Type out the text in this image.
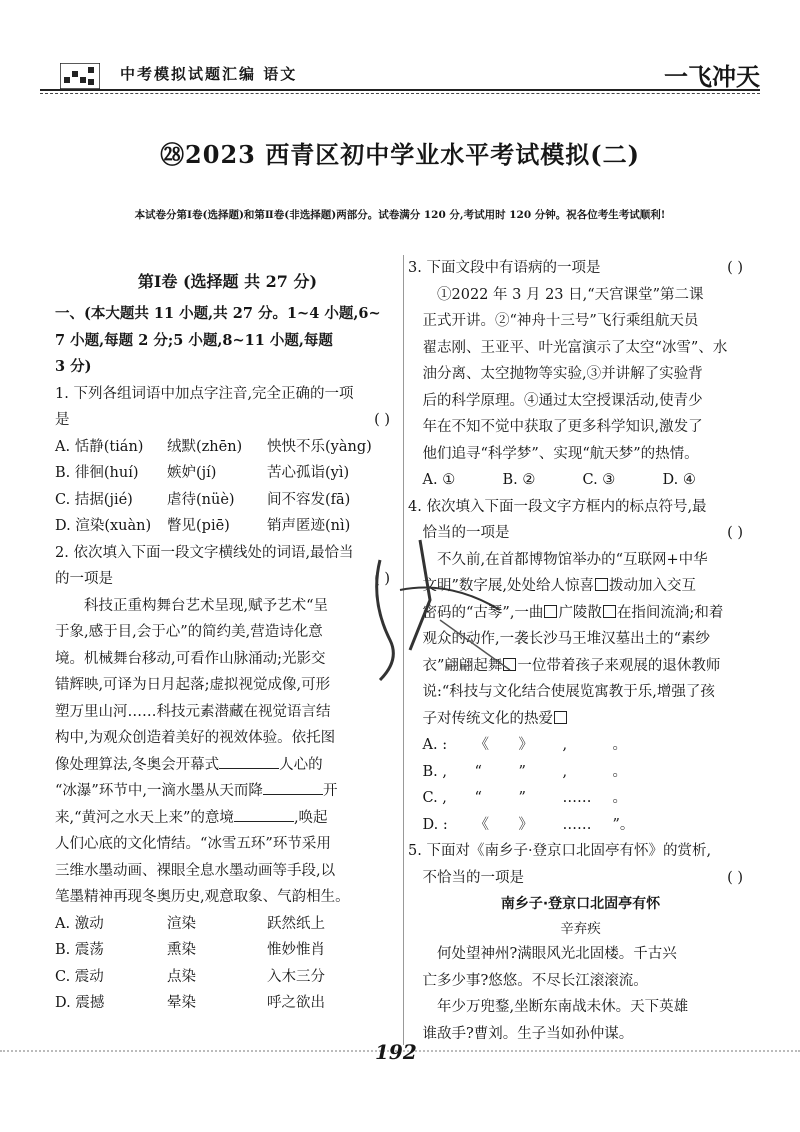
中考模拟试题汇编 语文	一飞冲天
㉘2023 西青区初中学业水平考试模拟(二)
本试卷分第Ⅰ卷(选择题)和第Ⅱ卷(非选择题)两部分。试卷满分 120 分,考试用时 120 分钟。祝各位考生考试顺利!
第Ⅰ卷 (选择题 共 27 分)
一、(本大题共 11 小题,共 27 分。1~4 小题,6~
7 小题,每题 2 分;5 小题,8~11 小题,每题
3 分)
1. 下列各组词语中加点字注音,完全正确的一项
是	( )
A. 恬静(tián)	绒默(zhēn)	怏怏不乐(yàng)
B. 徘徊(huí)	嫉妒(jí)	苦心孤诣(yì)
C. 拮据(jié)	虐待(nüè)	间不容发(fā)
D. 渲染(xuàn)	瞥见(piē)	销声匿迹(nì)
2. 依次填入下面一段文字横线处的词语,最恰当
的一项是	( )
科技正重构舞台艺术呈现,赋予艺术“呈
于象,感于目,会于心”的简约美,营造诗化意
境。机械舞台移动,可看作山脉涌动;光影交
错辉映,可译为日月起落;虚拟视觉成像,可形
塑万里山河……科技元素潜藏在视觉语言结
构中,为观众创造着美好的视效体验。依托图
像处理算法,冬奥会开幕式	人心的
“冰瀑”环节中,一滴水墨从天而降	开
来,“黄河之水天上来”的意境	,唤起
人们心底的文化情结。“冰雪五环”环节采用
三维水墨动画、裸眼全息水墨动画等手段,以
笔墨精神再现冬奥历史,观意取象、气韵相生。
A. 激动	渲染	跃然纸上
B. 震荡	熏染	惟妙惟肖
C. 震动	点染	入木三分
D. 震撼	晕染	呼之欲出
3. 下面文段中有语病的一项是	( )
①2022 年 3 月 23 日,“天宫课堂”第二课
正式开讲。②“神舟十三号”飞行乘组航天员
翟志刚、王亚平、叶光富演示了太空“冰雪”、水
油分离、太空抛物等实验,③并讲解了实验背
后的科学原理。④通过太空授课活动,使青少
年在不知不觉中获取了更多科学知识,激发了
他们追寻“科学梦”、实现“航天梦”的热情。
A. ①	B. ②	C. ③	D. ④
4. 依次填入下面一段文字方框内的标点符号,最
恰当的一项是	( )
不久前,在首都博物馆举办的“互联网+中华
文明”数字展,处处给人惊喜 拨动加入交互
密码的“古琴”,一曲 广陵散 在指间流淌;和着
观众的动作,一袭长沙马王堆汉墓出土的“素纱
衣”翩翩起舞 一位带着孩子来观展的退休教师
说:“科技与文化结合使展览寓教于乐,增强了孩
子对传统文化的热爱
A. :	《	》	,	。
B. ,	“	”	,	。
C. ,	“	”	……	。
D. :	《	》	……	”。
5. 下面对《南乡子·登京口北固亭有怀》的赏析,
不恰当的一项是	( )
南乡子·登京口北固亭有怀
辛弃疾
何处望神州?满眼风光北固楼。千古兴
亡多少事?悠悠。不尽长江滚滚流。
年少万兜鍪,坐断东南战未休。天下英雄
谁敌手?曹刘。生子当如孙仲谋。
192
